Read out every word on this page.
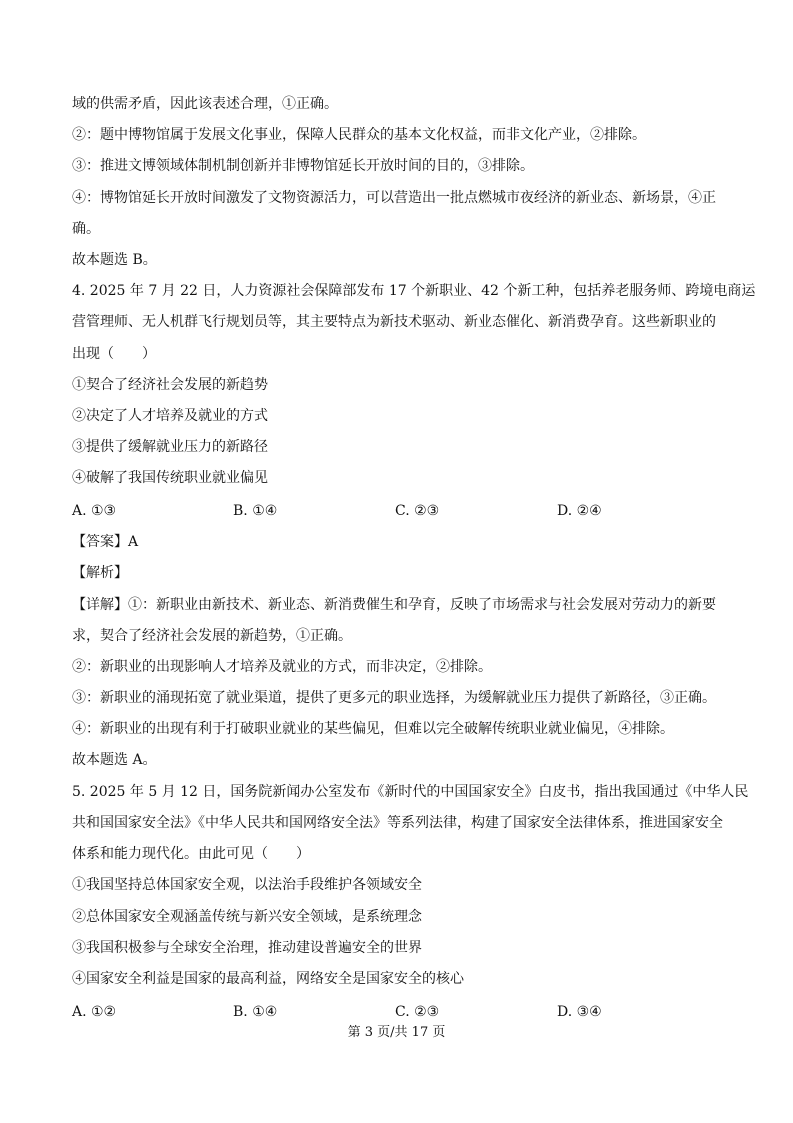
域的供需矛盾，因此该表述合理，①正确。
②：题中博物馆属于发展文化事业，保障人民群众的基本文化权益，而非文化产业，②排除。
③：推进文博领域体制机制创新并非博物馆延长开放时间的目的，③排除。
④：博物馆延长开放时间激发了文物资源活力，可以营造出一批点燃城市夜经济的新业态、新场景，④正
确。
故本题选 B。
4. 2025 年 7 月 22 日，人力资源社会保障部发布 17 个新职业、42 个新工种，包括养老服务师、跨境电商运
营管理师、无人机群飞行规划员等，其主要特点为新技术驱动、新业态催化、新消费孕育。这些新职业的
出现（　　）
①契合了经济社会发展的新趋势
②决定了人才培养及就业的方式
③提供了缓解就业压力的新路径
④破解了我国传统职业就业偏见
A. ①③	B. ①④	C. ②③	D. ②④
【答案】A
【解析】
【详解】①：新职业由新技术、新业态、新消费催生和孕育，反映了市场需求与社会发展对劳动力的新要
求，契合了经济社会发展的新趋势，①正确。
②：新职业的出现影响人才培养及就业的方式，而非决定，②排除。
③：新职业的涌现拓宽了就业渠道，提供了更多元的职业选择，为缓解就业压力提供了新路径，③正确。
④：新职业的出现有利于打破职业就业的某些偏见，但难以完全破解传统职业就业偏见，④排除。
故本题选 A。
5. 2025 年 5 月 12 日，国务院新闻办公室发布《新时代的中国国家安全》白皮书，指出我国通过《中华人民
共和国国家安全法》《中华人民共和国网络安全法》等系列法律，构建了国家安全法律体系，推进国家安全
体系和能力现代化。由此可见（　　）
①我国坚持总体国家安全观，以法治手段维护各领域安全
②总体国家安全观涵盖传统与新兴安全领域，是系统理念
③我国积极参与全球安全治理，推动建设普遍安全的世界
④国家安全利益是国家的最高利益，网络安全是国家安全的核心
A. ①②	B. ①④	C. ②③	D. ③④
第 3 页/共 17 页
